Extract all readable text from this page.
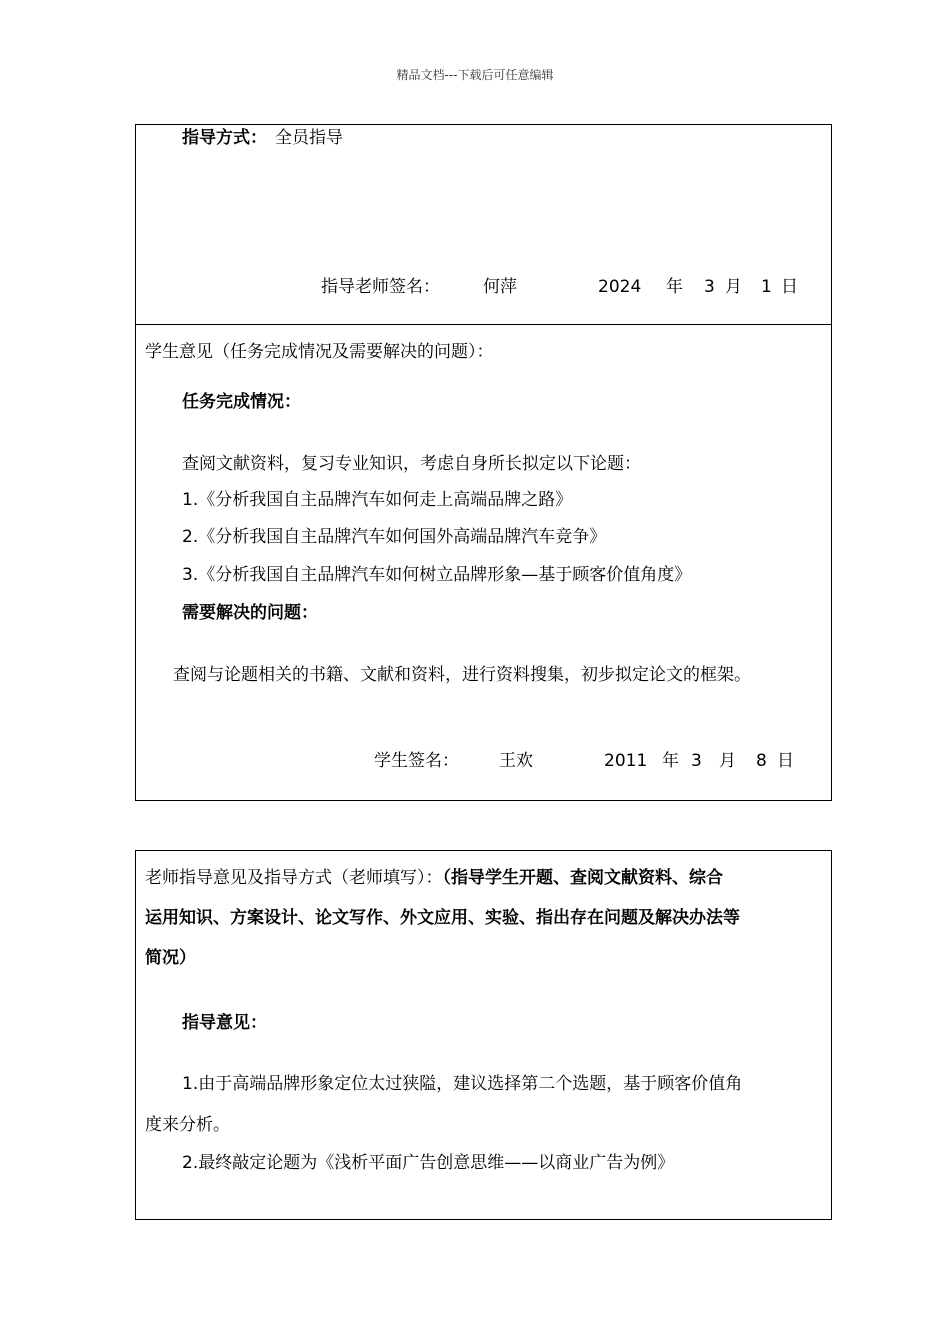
精品文档---下载后可任意编辑
指导方式： 全员指导
指导老师签名：	何萍	2024 年 3 月 1 日
学生意见（任务完成情况及需要解决的问题）：
任务完成情况：
查阅文献资料，复习专业知识，考虑自身所长拟定以下论题：
1.《分析我国自主品牌汽车如何走上高端品牌之路》
2.《分析我国自主品牌汽车如何国外高端品牌汽车竞争》
3.《分析我国自主品牌汽车如何树立品牌形象—基于顾客价值角度》
需要解决的问题：
查阅与论题相关的书籍、文献和资料，进行资料搜集，初步拟定论文的框架。
学生签名： 王欢	2011 年 3 月 8 日
老师指导意见及指导方式（老师填写）：（指导学生开题、查阅文献资料、综合
运用知识、方案设计、论文写作、外文应用、实验、指出存在问题及解决办法等
简况）
指导意见：
1.由于高端品牌形象定位太过狭隘，建议选择第二个选题，基于顾客价值角
度来分析。
2.最终敲定论题为《浅析平面广告创意思维——以商业广告为例》
